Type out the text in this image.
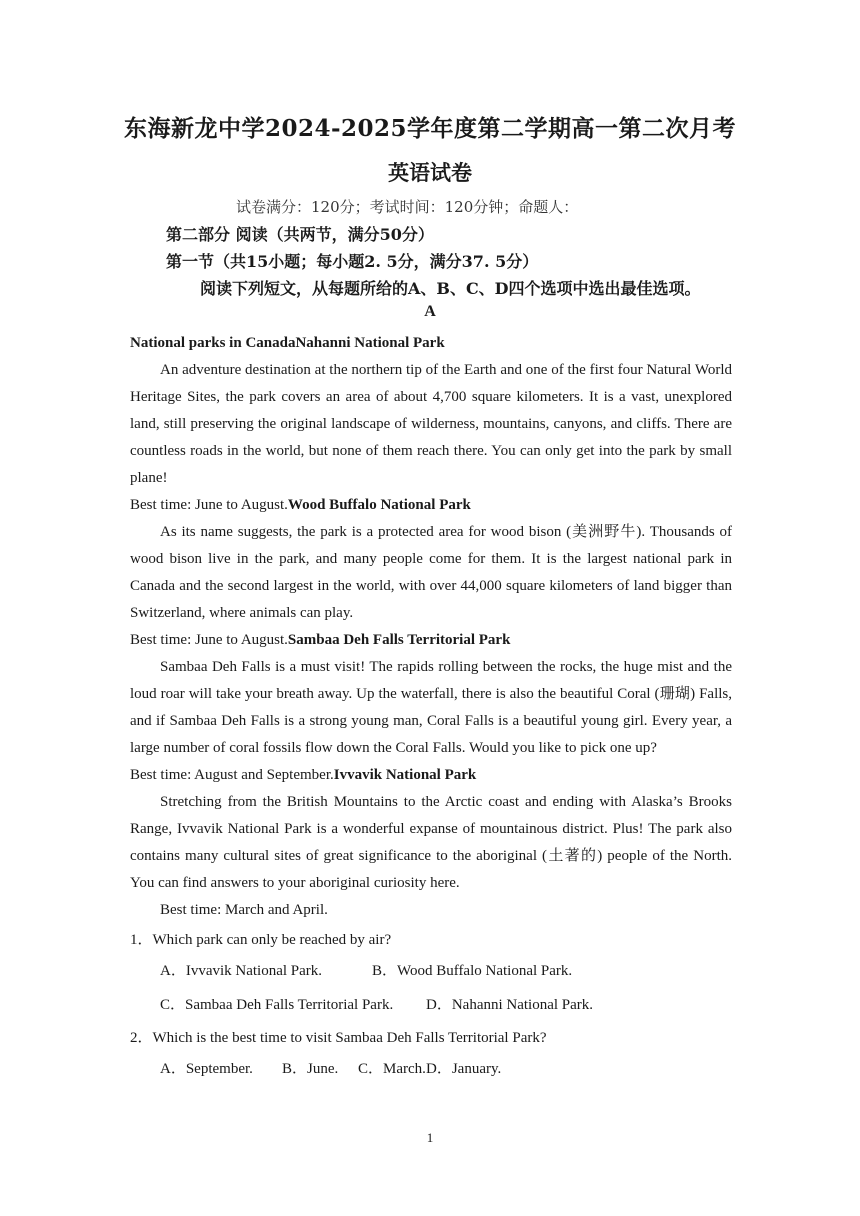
东海新龙中学2024-2025学年度第二学期高一第二次月考
英语试卷
试卷满分：120分；考试时间：120分钟；命题人：
第二部分 阅读（共两节，满分50分）
第一节（共15小题；每小题2. 5分，满分37. 5分）
阅读下列短文，从每题所给的A、B、C、D四个选项中选出最佳选项。
A

National parks in CanadaNahanni National Park

An adventure destination at the northern tip of the Earth and one of the first four Natural World Heritage Sites, the park covers an area of about 4,700 square kilometers. It is a vast, unexplored land, still preserving the original landscape of wilderness, mountains, canyons, and cliffs. There are countless roads in the world, but none of them reach there. You can only get into the park by small plane!

Best time: June to August.Wood Buffalo National Park

As its name suggests, the park is a protected area for wood bison (美洲野牛). Thousands of wood bison live in the park, and many people come for them. It is the largest national park in Canada and the second largest in the world, with over 44,000 square kilometers of land bigger than Switzerland, where animals can play.

Best time: June to August.Sambaa Deh Falls Territorial Park

Sambaa Deh Falls is a must visit! The rapids rolling between the rocks, the huge mist and the loud roar will take your breath away. Up the waterfall, there is also the beautiful Coral (珊瑚) Falls, and if Sambaa Deh Falls is a strong young man, Coral Falls is a beautiful young girl. Every year, a large number of coral fossils flow down the Coral Falls. Would you like to pick one up?

Best time: August and September.Ivvavik National Park

Stretching from the British Mountains to the Arctic coast and ending with Alaska’s Brooks Range, Ivvavik National Park is a wonderful expanse of mountainous district. Plus! The park also contains many cultural sites of great significance to the aboriginal (土著的) people of the North. You can find answers to your aboriginal curiosity here.

Best time: March and April.

1．Which park can only be reached by air?

A．Ivvavik National Park.	B．Wood Buffalo National Park.
C．Sambaa Deh Falls Territorial Park. D．Nahanni National Park.

2．Which is the best time to visit Sambaa Deh Falls Territorial Park?

A．September. B．June. C．March.D．January.
1
